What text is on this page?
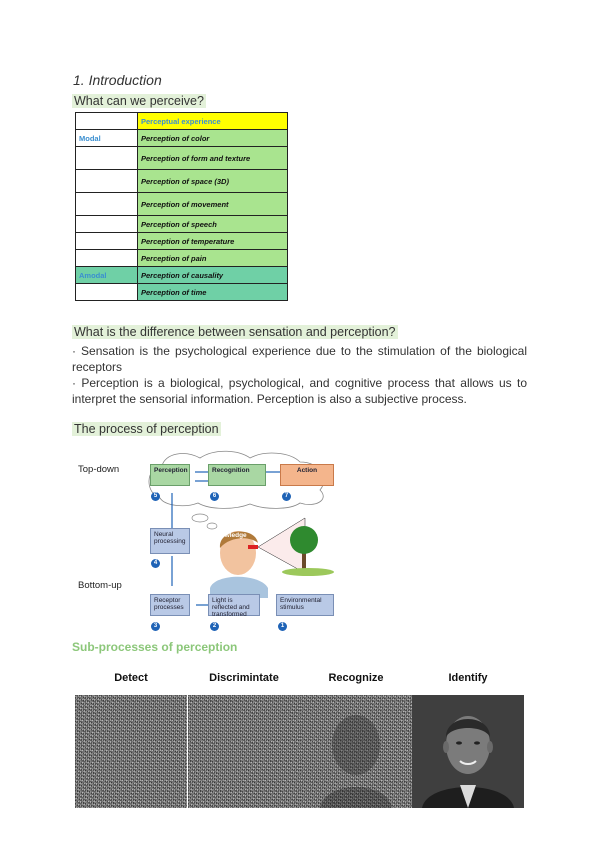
1. Introduction
What can we perceive?
	Perceptual experience
Modal	Perception of color
	Perception of form and texture
	Perception of space (3D)
	Perception of movement
	Perception of speech
	Perception of temperature
	Perception of pain
Amodal	Perception of causality
	Perception of time
What is the difference between sensation and perception?
· Sensation is the psychological experience due to the stimulation of the biological receptors
· Perception is a biological, psychological, and cognitive process that allows us to interpret the sensorial information. Perception is also a subjective process.
The process of perception
Top-down
Bottom-up
Perception	Recognition	Action
Neural processing
Knowledge
Receptor processes
Light is reflected and transformed
Environmental stimulus
5	6	7
4
3	2	1
Sub-processes of perception
Detect	Discrimintate	Recognize	Identify
